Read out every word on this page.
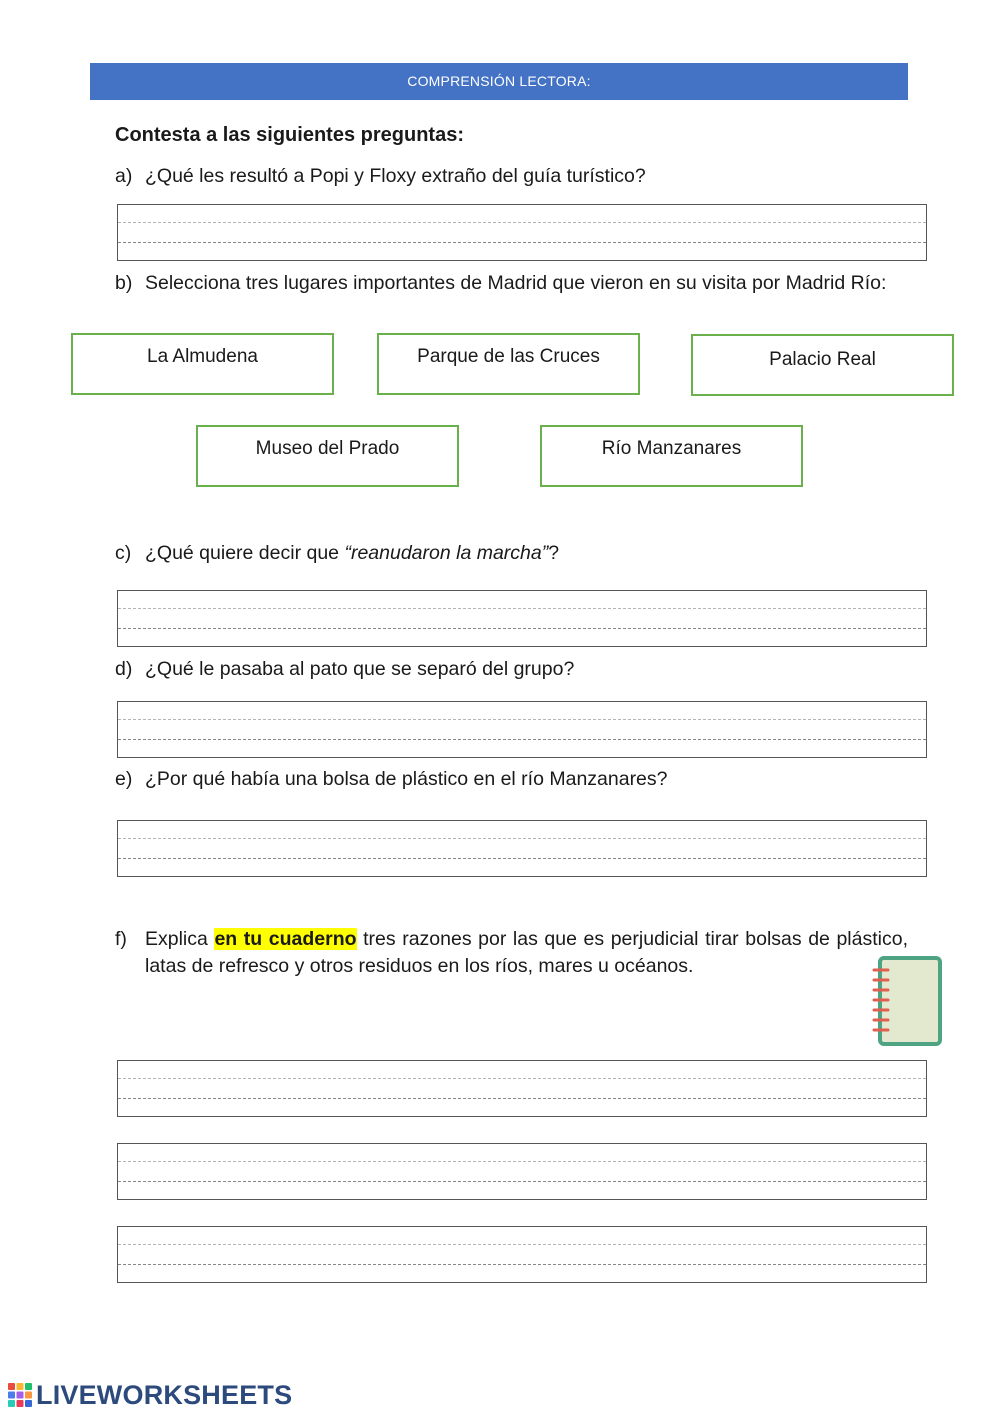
COMPRENSIÓN LECTORA:
Contesta a las siguientes preguntas:
a) ¿Qué les resultó a Popi y Floxy extraño del guía turístico?
b) Selecciona tres lugares importantes de Madrid que vieron en su visita por Madrid Río:
La Almudena	Parque de las Cruces	Palacio Real
Museo del Prado	Río Manzanares
c) ¿Qué quiere decir que “reanudaron la marcha”?
d) ¿Qué le pasaba al pato que se separó del grupo?
e) ¿Por qué había una bolsa de plástico en el río Manzanares?
f) Explica en tu cuaderno tres razones por las que es perjudicial tirar bolsas de plástico, latas de refresco y otros residuos en los ríos, mares u océanos.
LIVEWORKSHEETS
